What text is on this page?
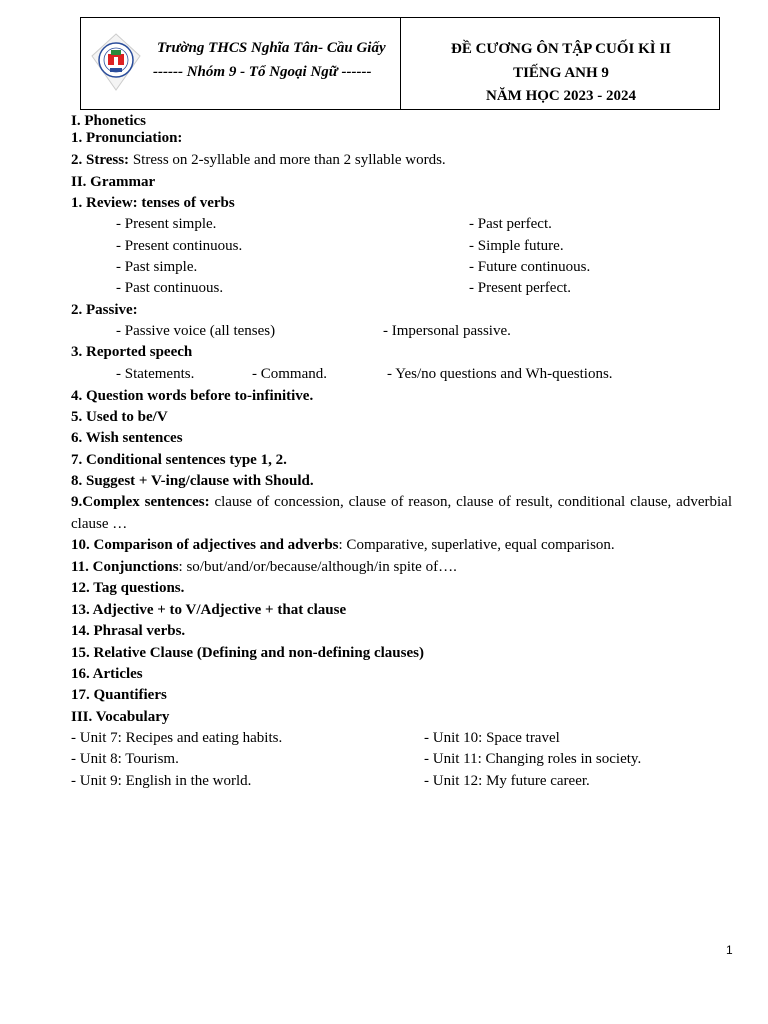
Trường THCS Nghĩa Tân- Cầu Giấy
------ Nhóm 9 - Tổ Ngoại Ngữ ------
ĐỀ CƯƠNG ÔN TẬP CUỐI KÌ II
TIẾNG ANH 9
NĂM HỌC 2023 - 2024
I. Phonetics
1. Pronunciation:
2. Stress: Stress on 2-syllable and more than 2 syllable words.
II. Grammar
1. Review: tenses of verbs
- Present simple.
- Present continuous.
- Past simple.
- Past continuous.
- Past perfect.
- Simple future.
- Future continuous.
- Present perfect.
2. Passive:
- Passive voice (all tenses)	- Impersonal passive.
3. Reported speech
- Statements.	- Command.	- Yes/no questions and Wh-questions.
4. Question words before to-infinitive.
5. Used to be/V
6. Wish sentences
7. Conditional sentences type 1, 2.
8. Suggest + V-ing/clause with Should.
9.Complex sentences: clause of concession, clause of reason, clause of result, conditional clause, adverbial clause …
10. Comparison of adjectives and adverbs: Comparative, superlative, equal comparison.
11. Conjunctions: so/but/and/or/because/although/in spite of….
12. Tag questions.
13. Adjective + to V/Adjective + that clause
14. Phrasal verbs.
15. Relative Clause (Defining and non-defining clauses)
16. Articles
17. Quantifiers
III. Vocabulary
- Unit 7: Recipes and eating habits.
- Unit 8: Tourism.
- Unit 9: English in the world.
- Unit 10: Space travel
- Unit 11: Changing roles in society.
- Unit 12: My future career.
1
